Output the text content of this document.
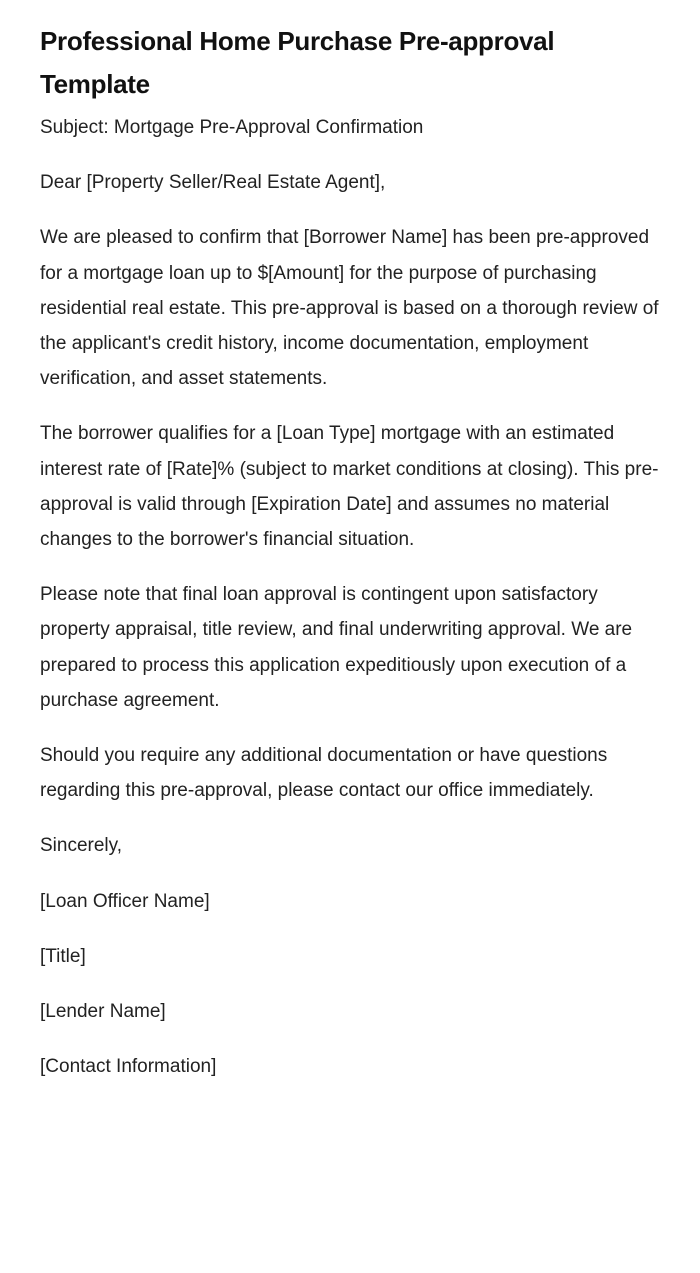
Professional Home Purchase Pre-approval Template

Subject: Mortgage Pre-Approval Confirmation

Dear [Property Seller/Real Estate Agent],

We are pleased to confirm that [Borrower Name] has been pre-approved for a mortgage loan up to $[Amount] for the purpose of purchasing residential real estate. This pre-approval is based on a thorough review of the applicant's credit history, income documentation, employment verification, and asset statements.

The borrower qualifies for a [Loan Type] mortgage with an estimated interest rate of [Rate]% (subject to market conditions at closing). This pre-approval is valid through [Expiration Date] and assumes no material changes to the borrower's financial situation.

Please note that final loan approval is contingent upon satisfactory property appraisal, title review, and final underwriting approval. We are prepared to process this application expeditiously upon execution of a purchase agreement.

Should you require any additional documentation or have questions regarding this pre-approval, please contact our office immediately.

Sincerely,

[Loan Officer Name]

[Title]

[Lender Name]

[Contact Information]
